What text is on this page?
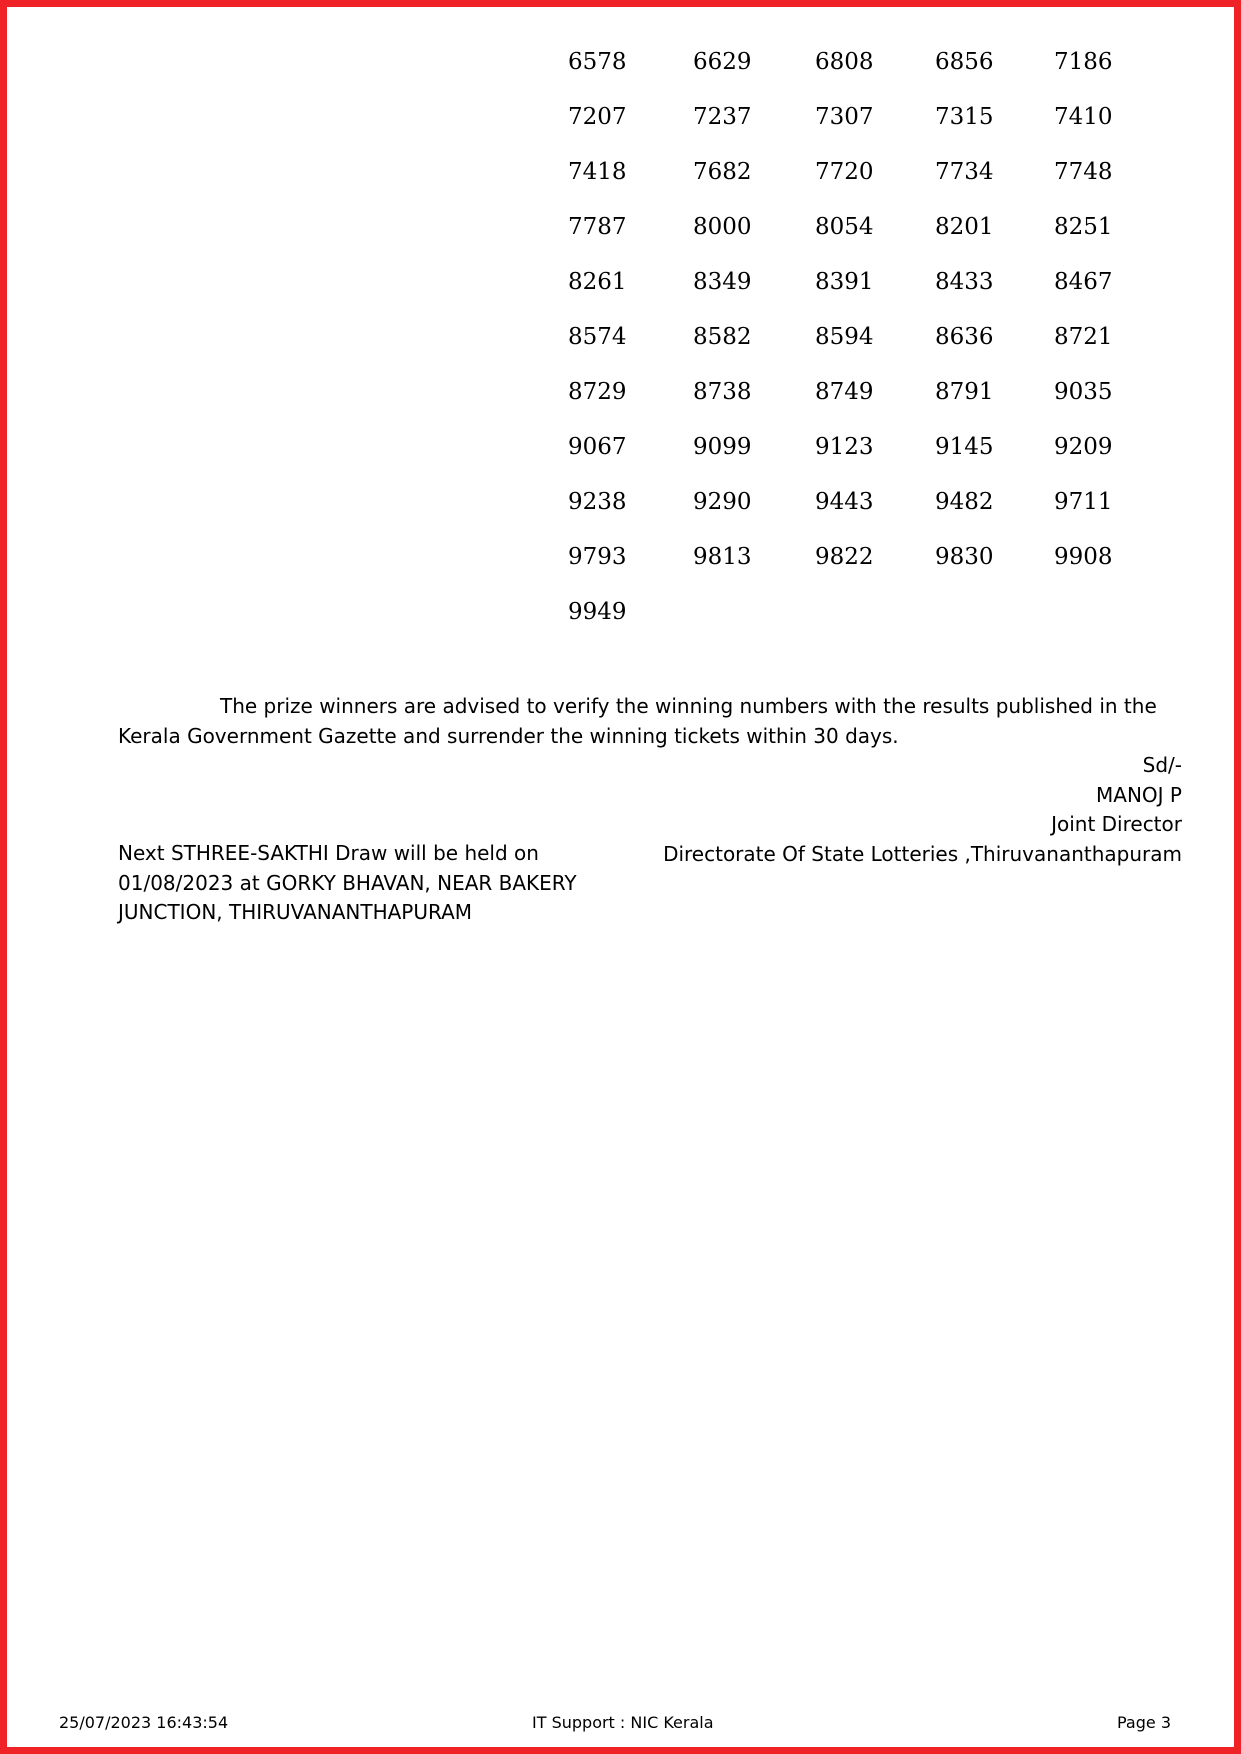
6578	6629	6808	6856	7186
7207	7237	7307	7315	7410
7418	7682	7720	7734	7748
7787	8000	8054	8201	8251
8261	8349	8391	8433	8467
8574	8582	8594	8636	8721
8729	8738	8749	8791	9035
9067	9099	9123	9145	9209
9238	9290	9443	9482	9711
9793	9813	9822	9830	9908
9949
The prize winners are advised to verify the winning numbers with the results published in the Kerala Government Gazette and surrender the winning tickets within 30 days.
Sd/-
MANOJ P
Joint Director
Directorate Of State Lotteries ,Thiruvananthapuram
Next STHREE-SAKTHI Draw will be held on 01/08/2023 at GORKY BHAVAN, NEAR BAKERY JUNCTION, THIRUVANANTHAPURAM
25/07/2023 16:43:54	IT Support : NIC Kerala	Page 3
